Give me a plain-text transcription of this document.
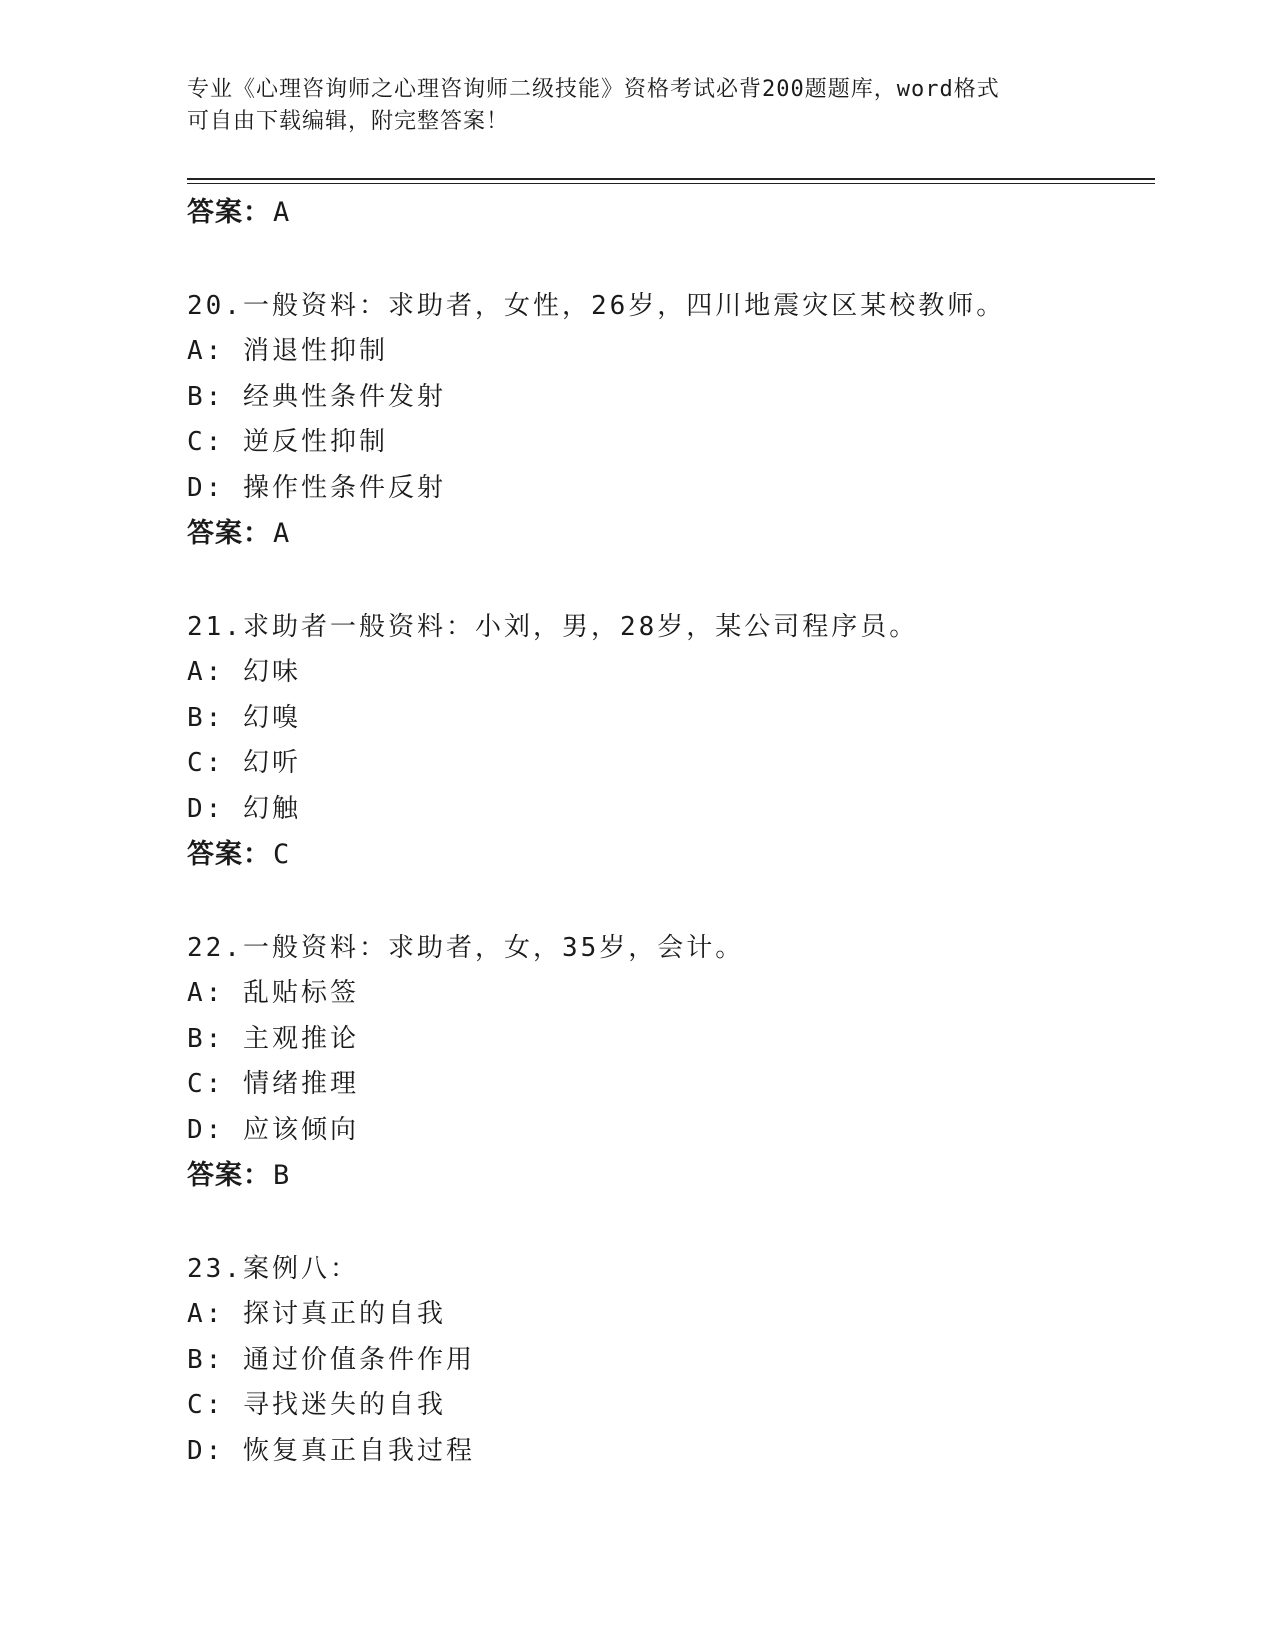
专业《心理咨询师之心理咨询师二级技能》资格考试必背200题题库，word格式
可自由下载编辑，附完整答案！
答案：A
20.一般资料：求助者，女性，26岁，四川地震灾区某校教师。
A: 消退性抑制
B: 经典性条件发射
C: 逆反性抑制
D: 操作性条件反射
答案：A
21.求助者一般资料：小刘，男，28岁，某公司程序员。
A: 幻味
B: 幻嗅
C: 幻听
D: 幻触
答案：C
22.一般资料：求助者，女，35岁，会计。
A: 乱贴标签
B: 主观推论
C: 情绪推理
D: 应该倾向
答案：B
23.案例八：
A: 探讨真正的自我
B: 通过价值条件作用
C: 寻找迷失的自我
D: 恢复真正自我过程
